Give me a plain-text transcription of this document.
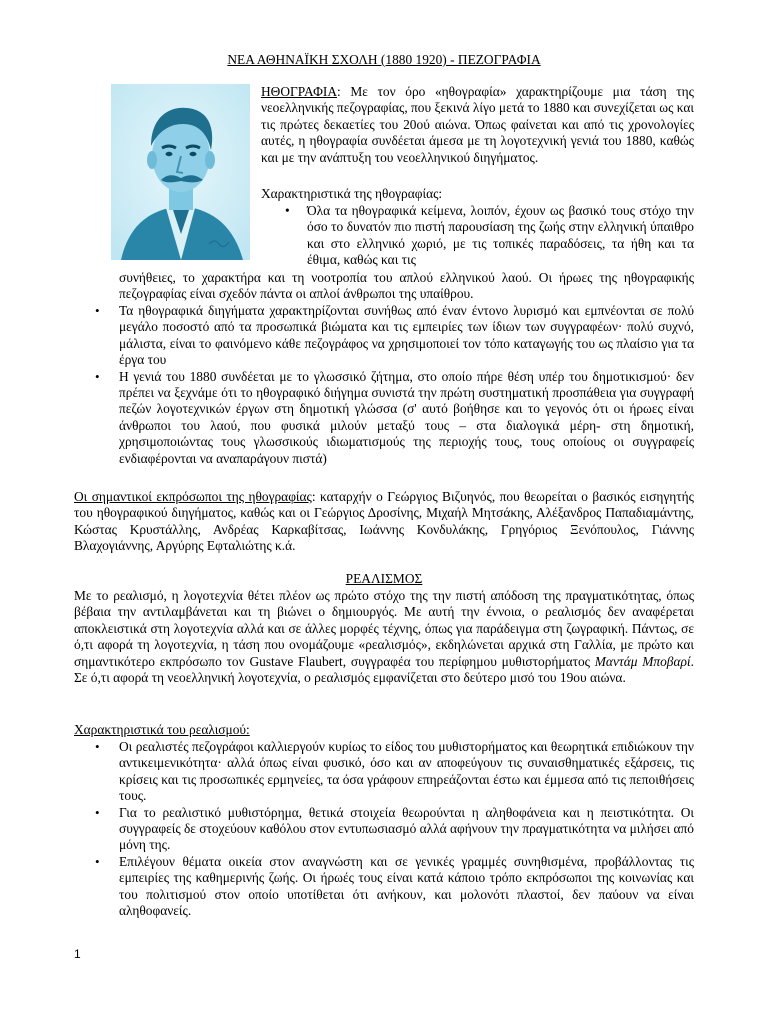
ΝΕΑ ΑΘΗΝΑΪΚΗ ΣΧΟΛΗ (1880 1920) - ΠΕΖΟΓΡΑΦΙΑ
ΗΘΟΓΡΑΦΙΑ: Με τον όρο «ηθογραφία» χαρακτηρίζουμε μια τάση της νεοελληνικής πεζογραφίας, που ξεκινά λίγο μετά το 1880 και συνεχίζεται ως και τις πρώτες δεκαετίες του 20ού αιώνα. Όπως φαίνεται και από τις χρονολογίες αυτές, η ηθογραφία συνδέεται άμεσα με τη λογοτεχνική γενιά του 1880, καθώς και με την ανάπτυξη του νεοελληνικού διηγήματος.
Χαρακτηριστικά της ηθογραφίας:
•	Όλα τα ηθογραφικά κείμενα, λοιπόν, έχουν ως βασικό τους στόχο την όσο το δυνατόν πιο πιστή παρουσίαση της ζωής στην ελληνική ύπαιθρο και στο ελληνικό χωριό, με τις τοπικές παραδόσεις, τα ήθη και τα έθιμα, καθώς και τις
συνήθειες, το χαρακτήρα και τη νοοτροπία του απλού ελληνικού λαού. Οι ήρωες της ηθογραφικής πεζογραφίας είναι σχεδόν πάντα οι απλοί άνθρωποι της υπαίθρου.
• Τα ηθογραφικά διηγήματα χαρακτηρίζονται συνήθως από έναν έντονο λυρισμό και εμπνέονται σε πολύ μεγάλο ποσοστό από τα προσωπικά βιώματα και τις εμπειρίες των ίδιων των συγγραφέων· πολύ συχνό, μάλιστα, είναι το φαινόμενο κάθε πεζογράφος να χρησιμοποιεί τον τόπο καταγωγής του ως πλαίσιο για τα έργα του
• Η γενιά του 1880 συνδέεται με το γλωσσικό ζήτημα, στο οποίο πήρε θέση υπέρ του δημοτικισμού· δεν πρέπει να ξεχνάμε ότι το ηθογραφικό διήγημα συνιστά την πρώτη συστηματική προσπάθεια για συγγραφή πεζών λογοτεχνικών έργων στη δημοτική γλώσσα (σ' αυτό βοήθησε και το γεγονός ότι οι ήρωες είναι άνθρωποι του λαού, που φυσικά μιλούν μεταξύ τους – στα διαλογικά μέρη- στη δημοτική, χρησιμοποιώντας τους γλωσσικούς ιδιωματισμούς της περιοχής τους, τους οποίους οι συγγραφείς ενδιαφέρονται να αναπαράγουν πιστά)
Οι σημαντικοί εκπρόσωποι της ηθογραφίας: καταρχήν ο Γεώργιος Βιζυηνός, που θεωρείται ο βασικός εισηγητής του ηθογραφικού διηγήματος, καθώς και οι Γεώργιος Δροσίνης, Μιχαήλ Μητσάκης, Αλέξανδρος Παπαδιαμάντης, Κώστας Κρυστάλλης, Ανδρέας Καρκαβίτσας, Ιωάννης Κονδυλάκης, Γρηγόριος Ξενόπουλος, Γιάννης Βλαχογιάννης, Αργύρης Εφταλιώτης κ.ά.
ΡΕΑΛΙΣΜΟΣ
Με το ρεαλισμό, η λογοτεχνία θέτει πλέον ως πρώτο στόχο της την πιστή απόδοση της πραγματικότητας, όπως βέβαια την αντιλαμβάνεται και τη βιώνει ο δημιουργός. Με αυτή την έννοια, ο ρεαλισμός δεν αναφέρεται αποκλειστικά στη λογοτεχνία αλλά και σε άλλες μορφές τέχνης, όπως για παράδειγμα στη ζωγραφική. Πάντως, σε ό,τι αφορά τη λογοτεχνία, η τάση που ονομάζουμε «ρεαλισμός», εκδηλώνεται αρχικά στη Γαλλία, με πρώτο και σημαντικότερο εκπρόσωπο τον Gustave Flaubert, συγγραφέα του περίφημου μυθιστορήματος Μαντάμ Μποβαρί. Σε ό,τι αφορά τη νεοελληνική λογοτεχνία, ο ρεαλισμός εμφανίζεται στο δεύτερο μισό του 19ου αιώνα.
Χαρακτηριστικά του ρεαλισμού:
• Οι ρεαλιστές πεζογράφοι καλλιεργούν κυρίως το είδος του μυθιστορήματος και θεωρητικά επιδιώκουν την αντικειμενικότητα· αλλά όπως είναι φυσικό, όσο και αν αποφεύγουν τις συναισθηματικές εξάρσεις, τις κρίσεις και τις προσωπικές ερμηνείες, τα όσα γράφουν επηρεάζονται έστω και έμμεσα από τις πεποιθήσεις τους.
• Για το ρεαλιστικό μυθιστόρημα, θετικά στοιχεία θεωρούνται η αληθοφάνεια και η πειστικότητα. Οι συγγραφείς δε στοχεύουν καθόλου στον εντυπωσιασμό αλλά αφήνουν την πραγματικότητα να μιλήσει από μόνη της.
• Επιλέγουν θέματα οικεία στον αναγνώστη και σε γενικές γραμμές συνηθισμένα, προβάλλοντας τις εμπειρίες της καθημερινής ζωής. Οι ήρωές τους είναι κατά κάποιο τρόπο εκπρόσωποι της κοινωνίας και του πολιτισμού στον οποίο υποτίθεται ότι ανήκουν, και μολονότι πλαστοί, δεν παύουν να είναι αληθοφανείς.
1
